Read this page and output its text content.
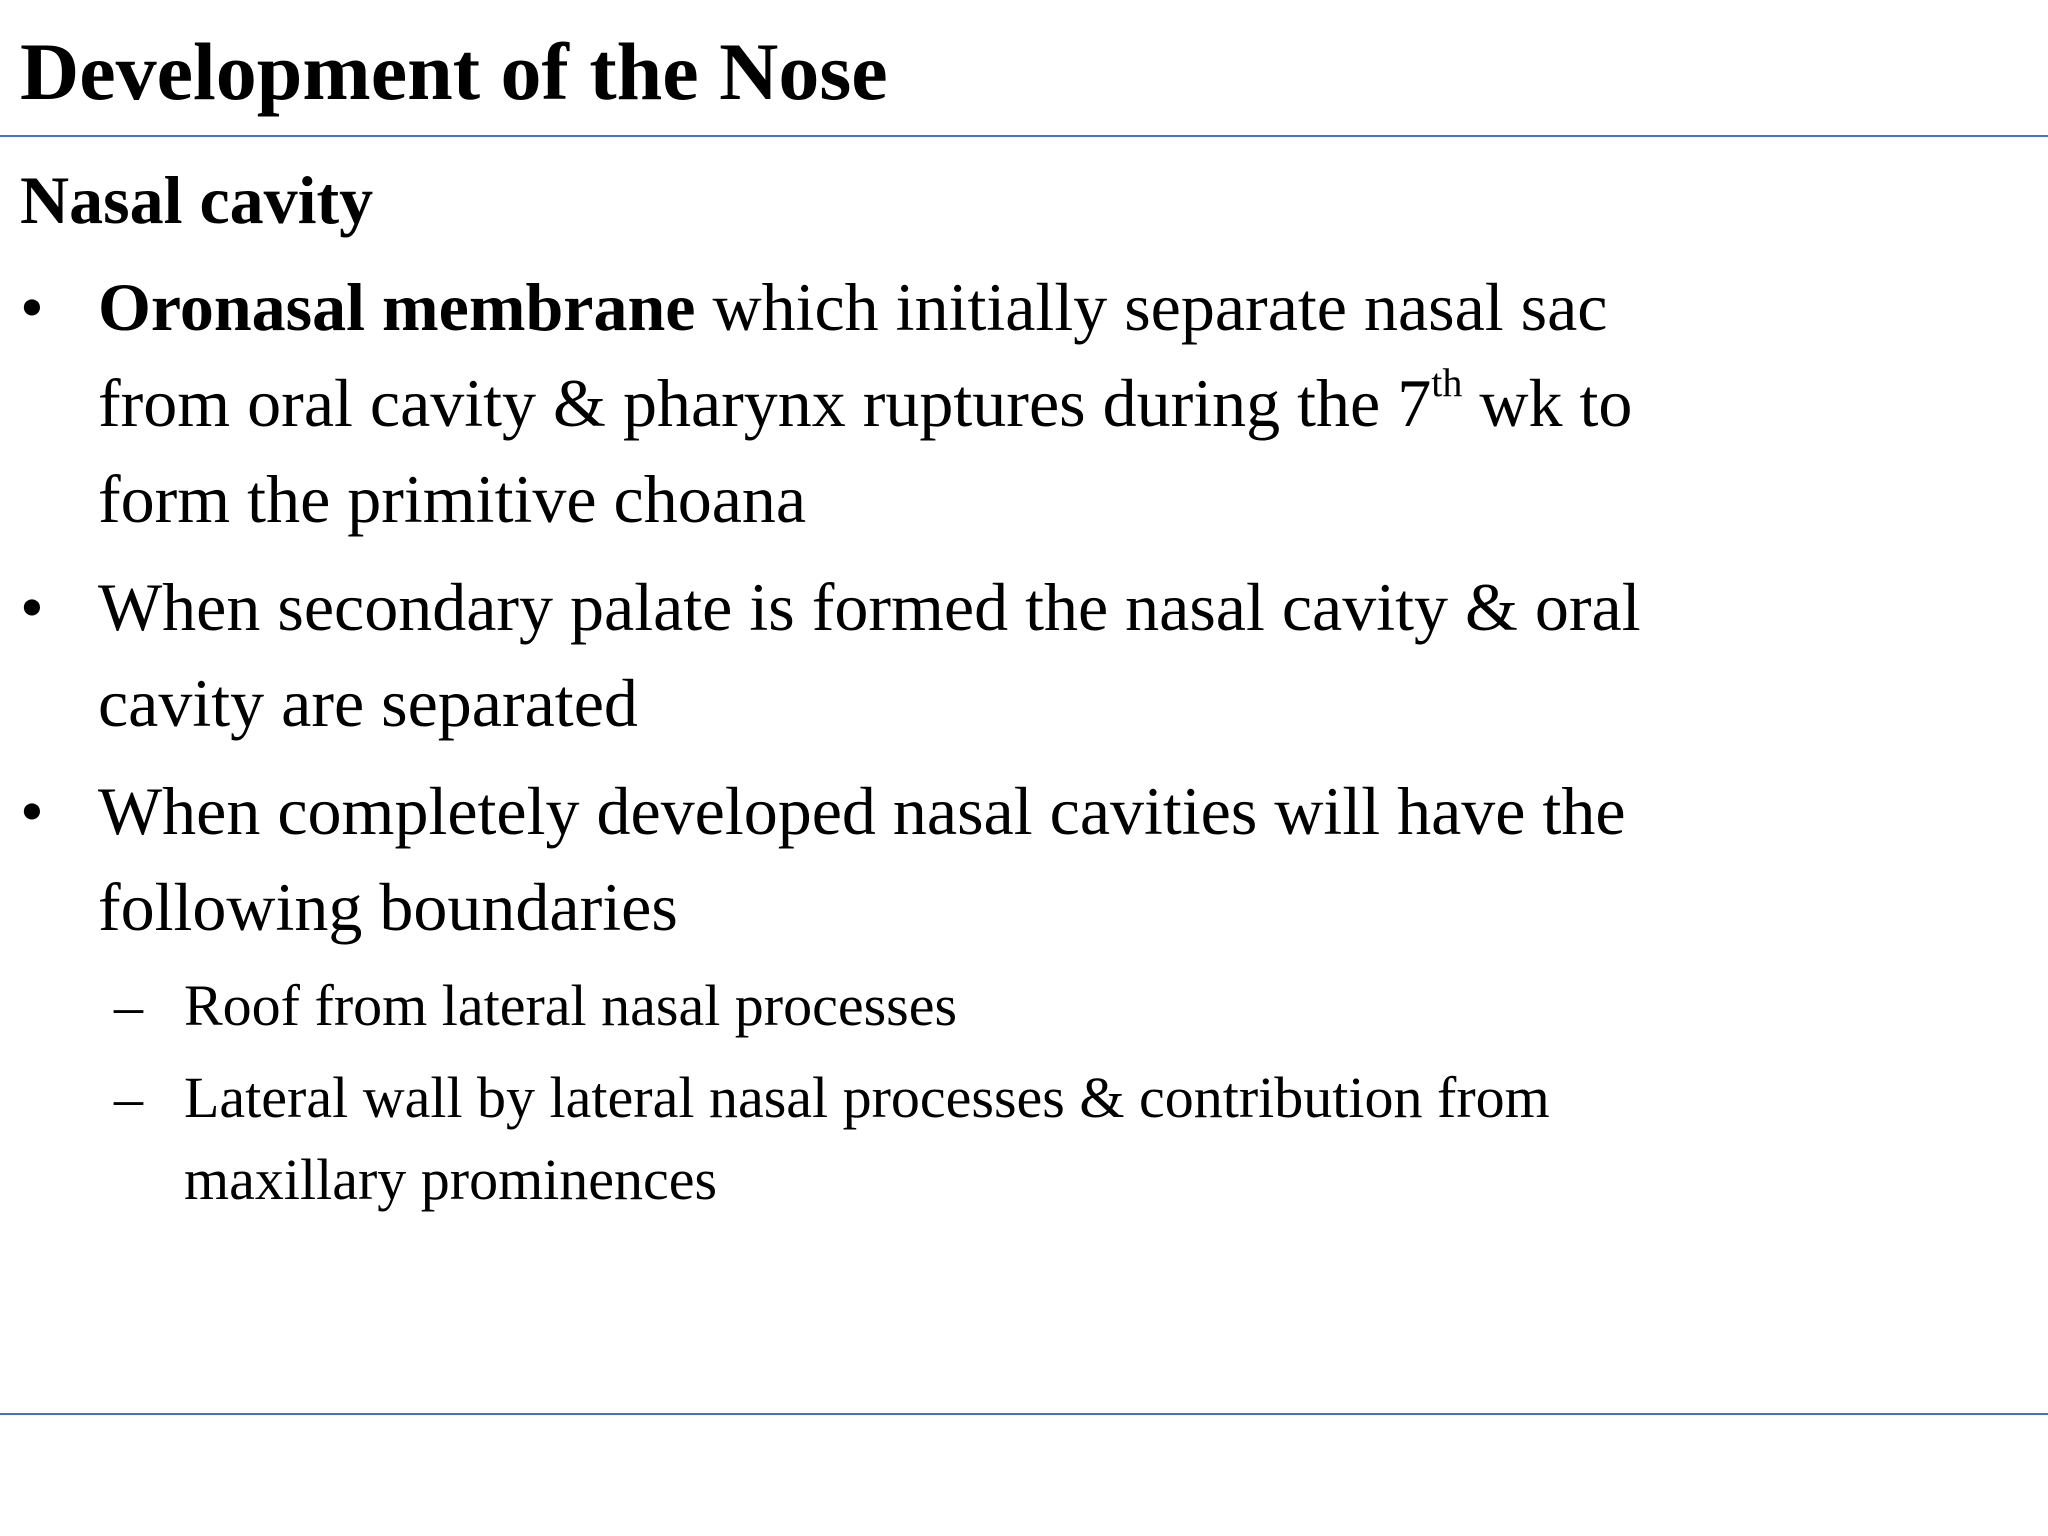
Development of the Nose
Nasal cavity
• Oronasal membrane which initially separate nasal sac
from oral cavity & pharynx ruptures during the 7th wk to
form the primitive choana
• When secondary palate is formed the nasal cavity & oral
cavity are separated
• When completely developed nasal cavities will have the
following boundaries
– Roof from lateral nasal processes
– Lateral wall by lateral nasal processes & contribution from
maxillary prominences
